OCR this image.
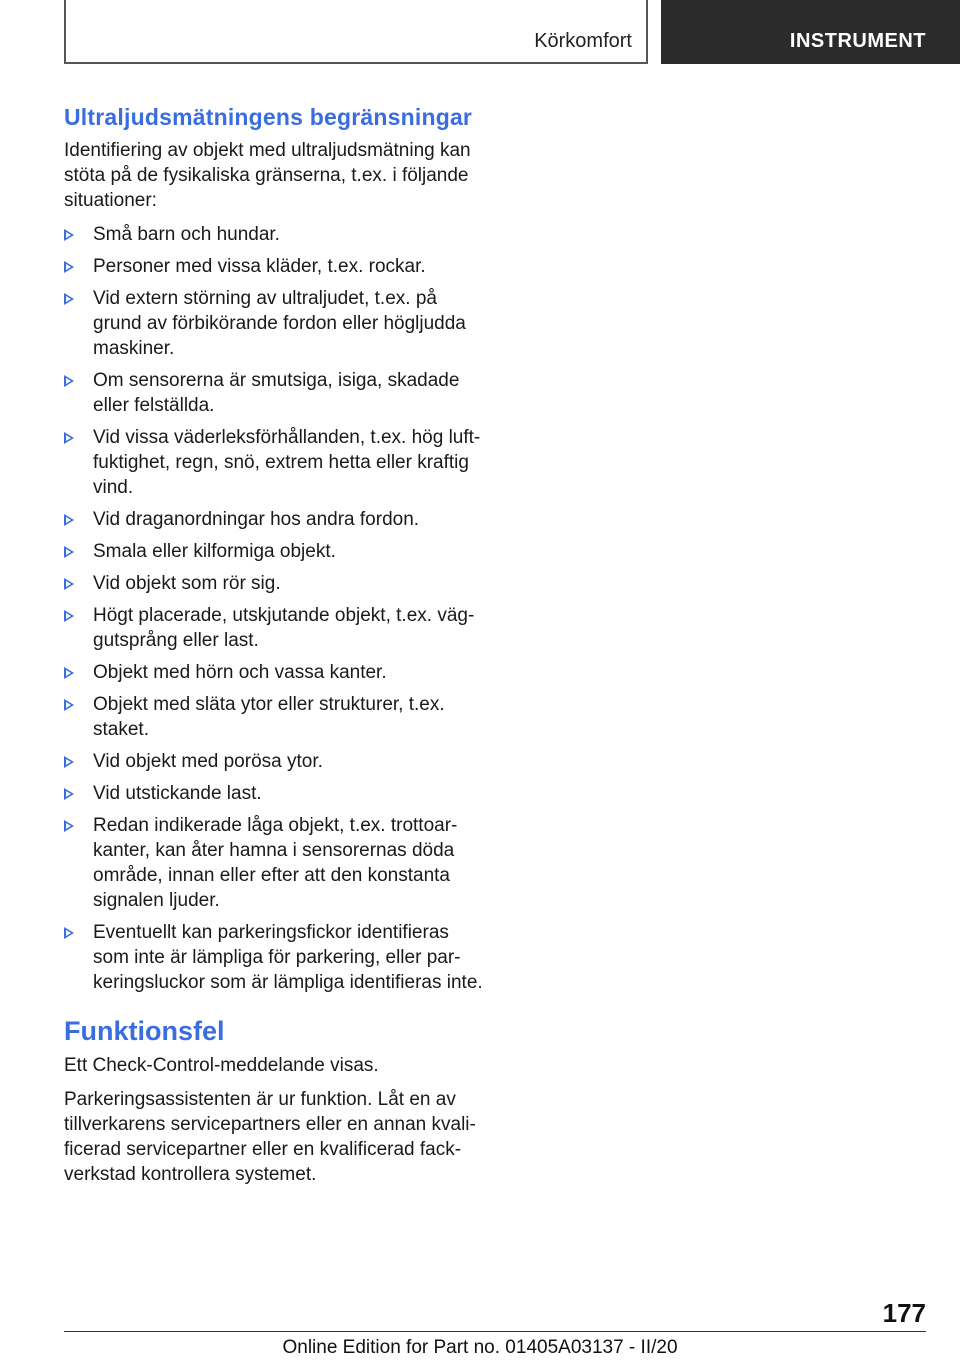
Körkomfort	INSTRUMENT
Ultraljudsmätningens begränsningar

Identifiering av objekt med ultraljudsmätning kan stöta på de fysikaliska gränserna, t.ex. i följande situationer:

Små barn och hundar.
Personer med vissa kläder, t.ex. rockar.
Vid extern störning av ultraljudet, t.ex. på grund av förbikörande fordon eller högljudda maskiner.
Om sensorerna är smutsiga, isiga, skadade eller felställda.
Vid vissa väderleksförhållanden, t.ex. hög luft-fuktighet, regn, snö, extrem hetta eller kraftig vind.
Vid draganordningar hos andra fordon.
Smala eller kilformiga objekt.
Vid objekt som rör sig.
Högt placerade, utskjutande objekt, t.ex. väg-gutsprång eller last.
Objekt med hörn och vassa kanter.
Objekt med släta ytor eller strukturer, t.ex. staket.
Vid objekt med porösa ytor.
Vid utstickande last.
Redan indikerade låga objekt, t.ex. trottoar-kanter, kan åter hamna i sensorernas döda område, innan eller efter att den konstanta signalen ljuder.
Eventuellt kan parkeringsfickor identifieras som inte är lämpliga för parkering, eller par-keringsluckor som är lämpliga identifieras inte.
Funktionsfel

Ett Check-Control-meddelande visas.

Parkeringsassistenten är ur funktion. Låt en av tillverkarens servicepartners eller en annan kvali-ficerad servicepartner eller en kvalificerad fack-verkstad kontrollera systemet.

177
Online Edition for Part no. 01405A03137 - II/20
